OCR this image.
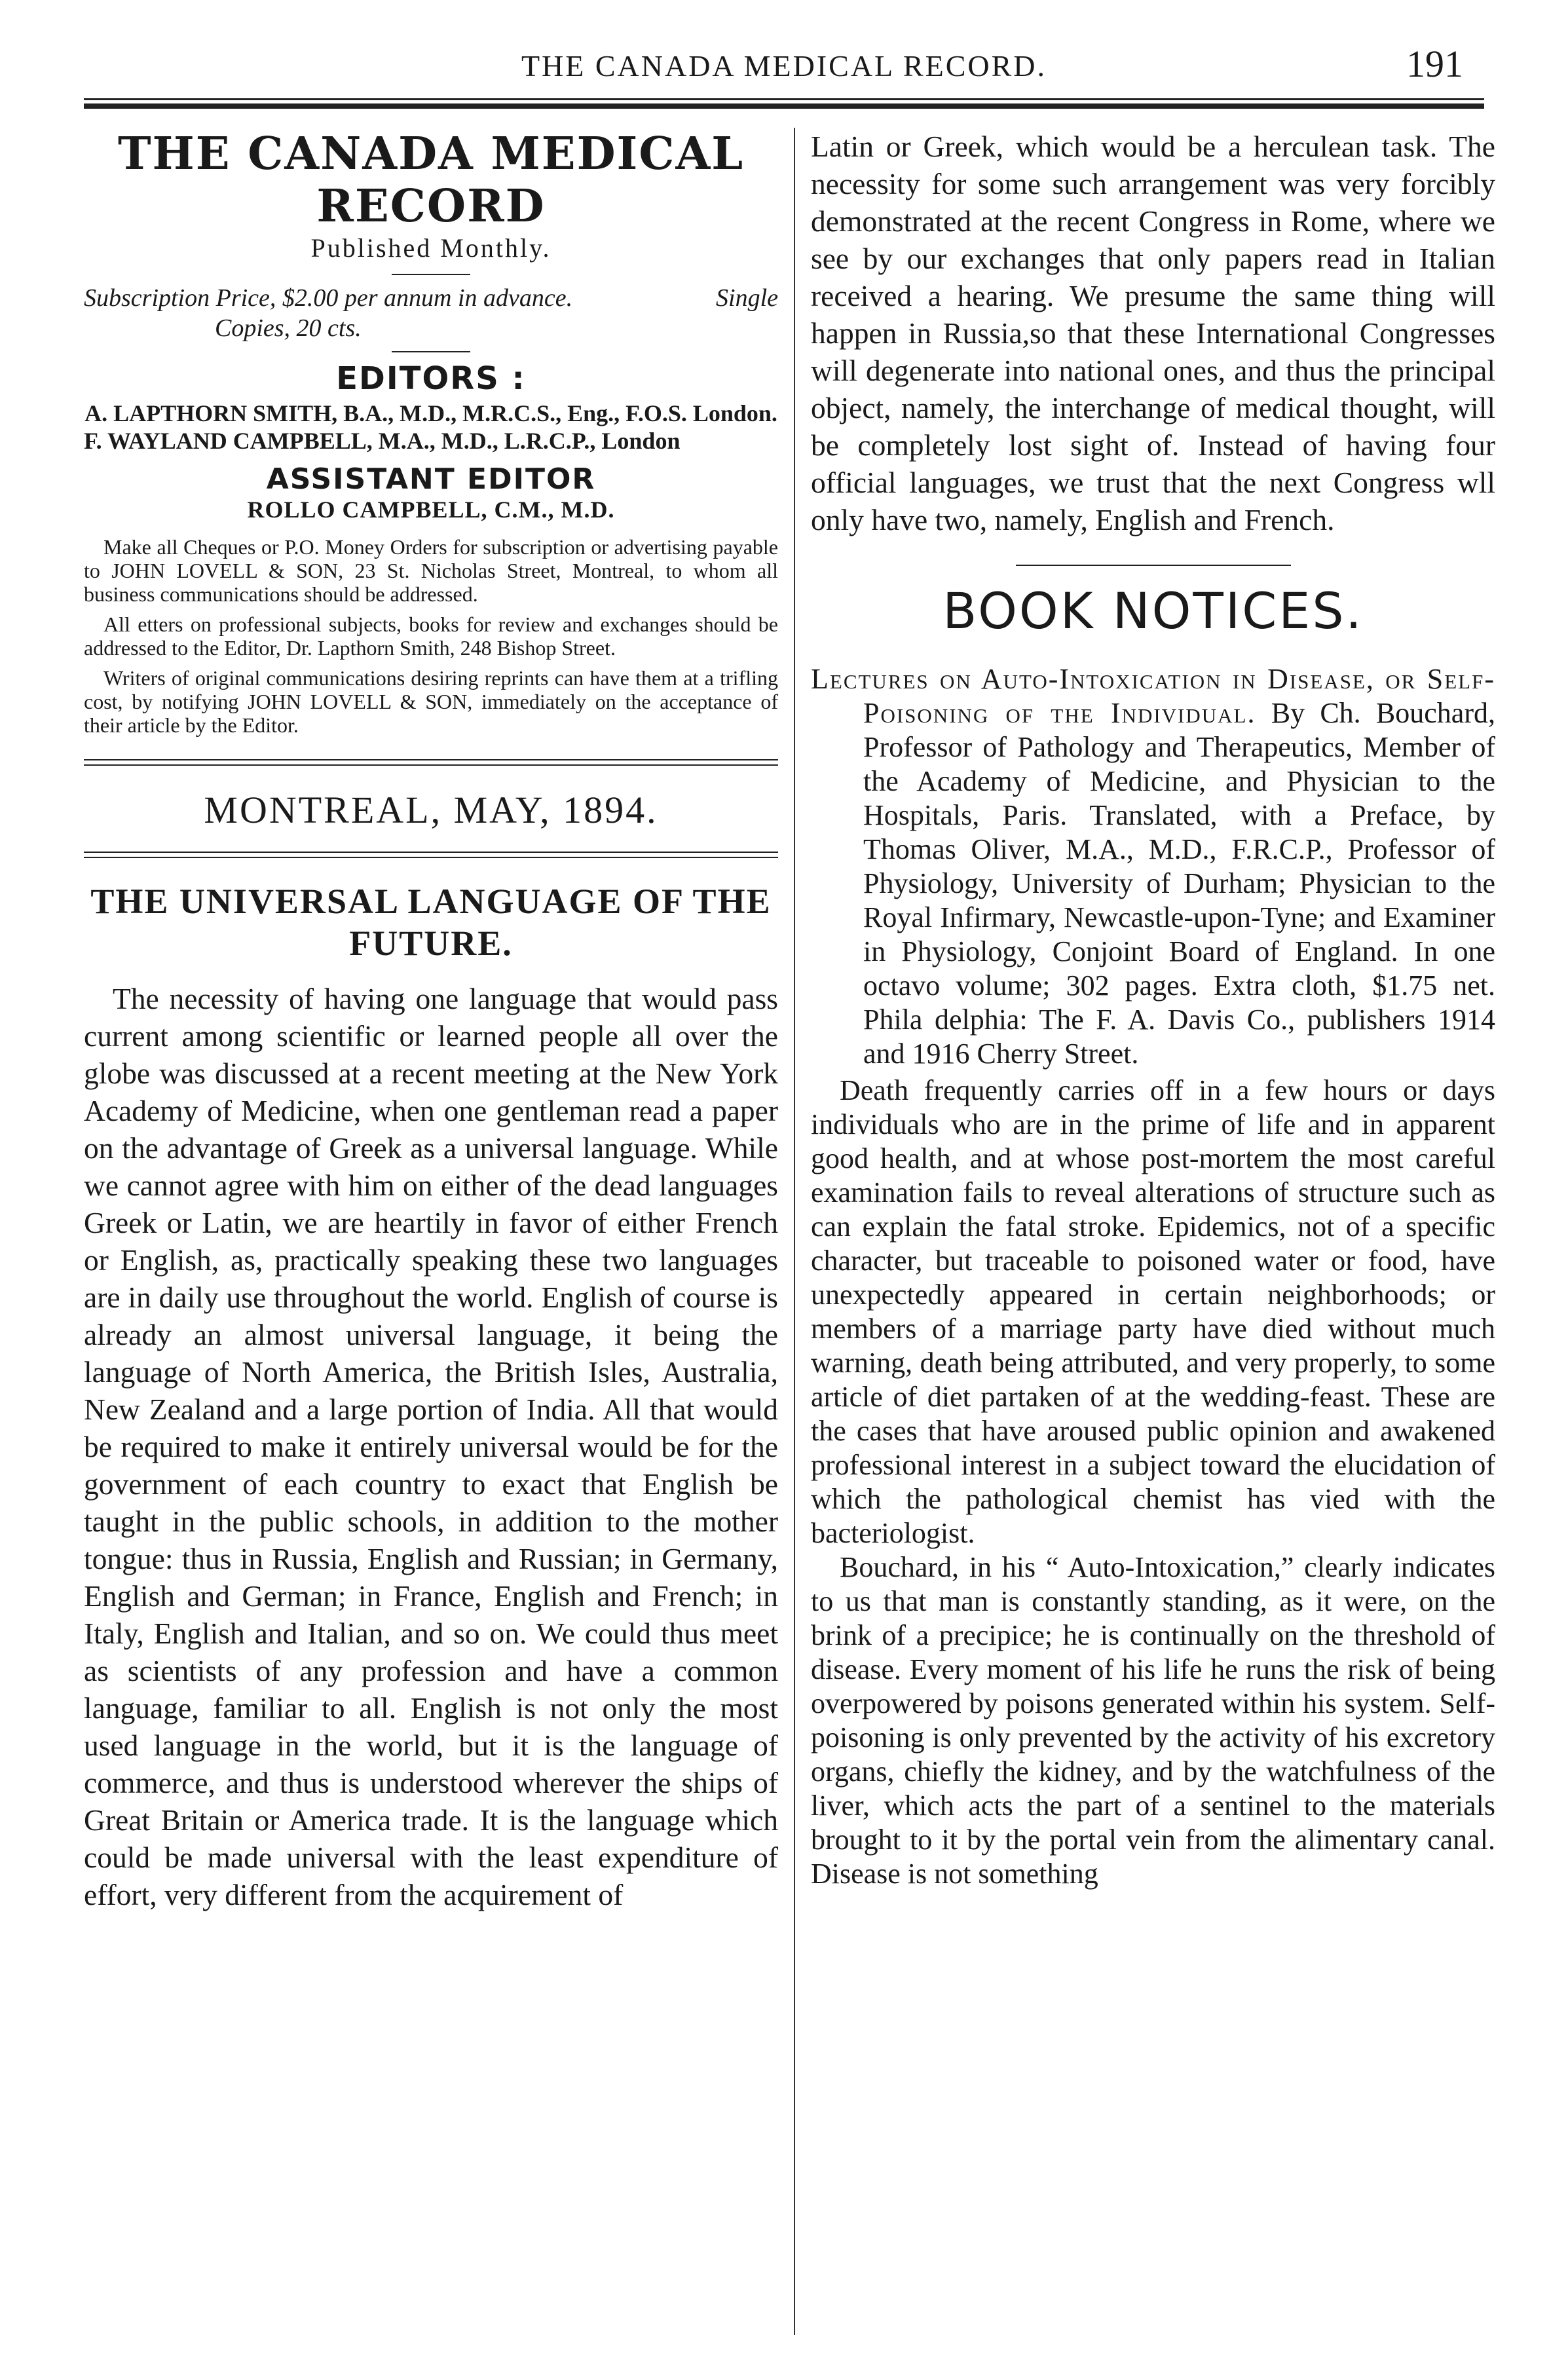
THE CANADA MEDICAL RECORD.	191
THE CANADA MEDICAL RECORD

Published Monthly.

Single
Subscription Price, $2.00 per annum in advance.
Copies, 20 cts.

EDITORS :

A. LAPTHORN SMITH, B.A., M.D., M.R.C.S., Eng., F.O.S. London.

F. WAYLAND CAMPBELL, M.A., M.D., L.R.C.P., London

ASSISTANT EDITOR
ROLLO CAMPBELL, C.M., M.D.

Make all Cheques or P.O. Money Orders for subscription or advertising payable to JOHN LOVELL & SON, 23 St. Nicholas Street, Montreal, to whom all business communications should be addressed.

All etters on professional subjects, books for review and exchanges should be addressed to the Editor, Dr. Lapthorn Smith, 248 Bishop Street.

Writers of original communications desiring reprints can have them at a trifling cost, by notifying JOHN LOVELL & SON, immediately on the acceptance of their article by the Editor.

MONTREAL, MAY, 1894.
THE UNIVERSAL LANGUAGE OF THE FUTURE.

The necessity of having one language that would pass current among scientific or learned people all over the globe was discussed at a recent meeting at the New York Academy of Medicine, when one gentleman read a paper on the advantage of Greek as a universal language. While we cannot agree with him on either of the dead languages Greek or Latin, we are heartily in favor of either French or English, as, practically speaking these two languages are in daily use throughout the world. English of course is already an almost universal language, it being the language of North America, the British Isles, Australia, New Zealand and a large portion of India. All that would be required to make it entirely universal would be for the government of each country to exact that English be taught in the public schools, in addition to the mother tongue: thus in Russia, English and Russian; in Germany, English and German; in France, English and French; in Italy, English and Italian, and so on. We could thus meet as scientists of any profession and have a common language, familiar to all. English is not only the most used language in the world, but it is the language of commerce, and thus is understood wherever the ships of Great Britain or America trade. It is the language which could be made universal with the least expenditure of effort, very different from the acquirement of

Latin or Greek, which would be a herculean task. The necessity for some such arrangement was very forcibly demonstrated at the recent Congress in Rome, where we see by our exchanges that only papers read in Italian received a hearing. We presume the same thing will happen in Russia,so that these International Congresses will degenerate into national ones, and thus the principal object, namely, the interchange of medical thought, will be completely lost sight of. Instead of having four official languages, we trust that the next Congress wll only have two, namely, English and French.

BOOK NOTICES.

Lectures on Auto-Intoxication in Disease, or Self-Poisoning of the Individual. By Ch. Bouchard, Professor of Pathology and Therapeutics, Member of the Academy of Medicine, and Physician to the Hospitals, Paris. Translated, with a Preface, by Thomas Oliver, M.A., M.D., F.R.C.P., Professor of Physiology, University of Durham; Physician to the Royal Infirmary, Newcastle-upon-Tyne; and Examiner in Physiology, Conjoint Board of England. In one octavo volume; 302 pages. Extra cloth, $1.75 net. Phila delphia: The F. A. Davis Co., publishers 1914 and 1916 Cherry Street.

Death frequently carries off in a few hours or days individuals who are in the prime of life and in apparent good health, and at whose post-mortem the most careful examination fails to reveal alterations of structure such as can explain the fatal stroke. Epidemics, not of a specific character, but traceable to poisoned water or food, have unexpectedly appeared in certain neighborhoods; or members of a marriage party have died without much warning, death being attributed, and very properly, to some article of diet partaken of at the wedding-feast. These are the cases that have aroused public opinion and awakened professional interest in a subject toward the elucidation of which the pathological chemist has vied with the bacteriologist.

Bouchard, in his “ Auto-Intoxication,” clearly indicates to us that man is constantly standing, as it were, on the brink of a precipice; he is continually on the threshold of disease. Every moment of his life he runs the risk of being overpowered by poisons generated within his system. Self-poisoning is only prevented by the activity of his excretory organs, chiefly the kidney, and by the watchfulness of the liver, which acts the part of a sentinel to the materials brought to it by the portal vein from the alimentary canal. Disease is not something
